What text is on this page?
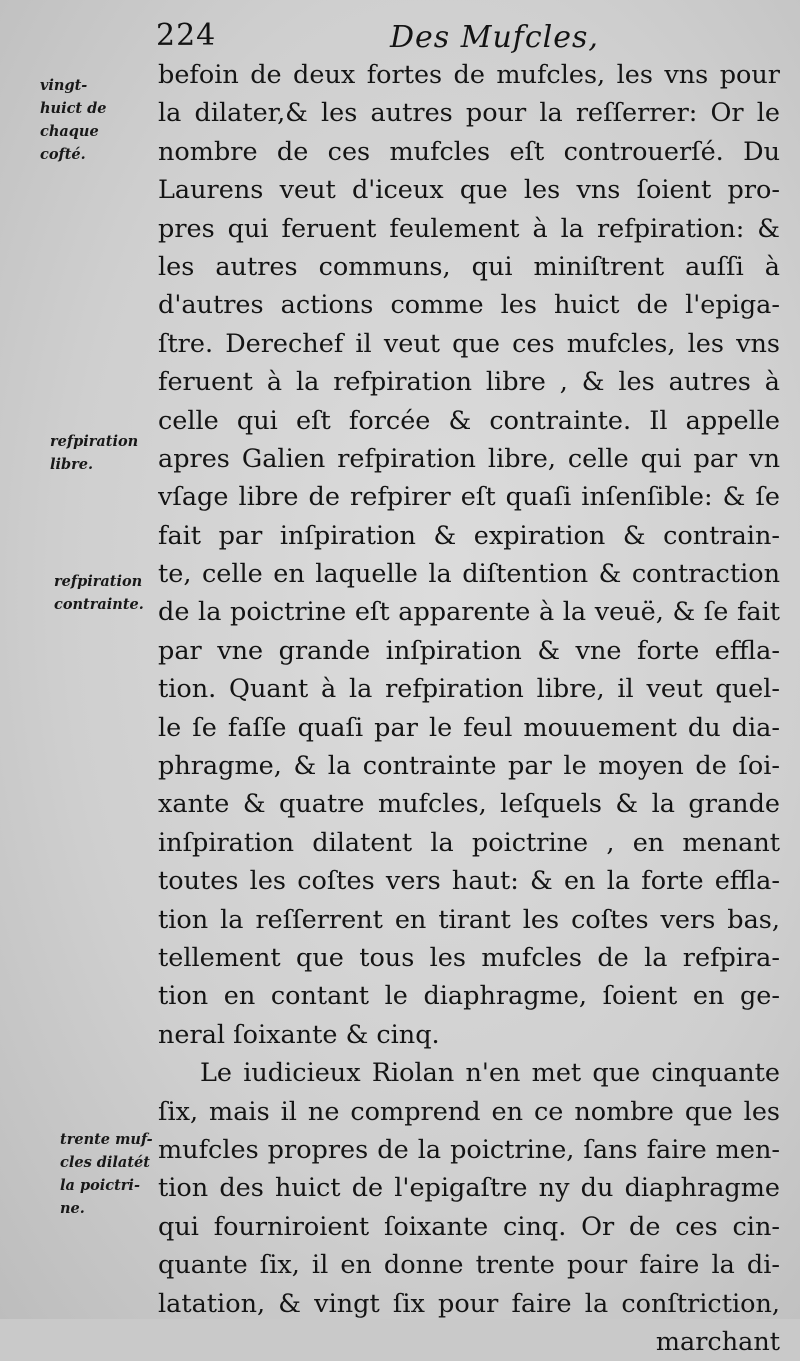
224	Des Mufcles,
vingt-
huict de
chaque
cofté.
refpiration
libre.
refpiration
contrainte.
trente muf-
cles dilatét
la poictri-
ne.
befoin de deux fortes de mufcles, les vns pour
la dilater,& les autres pour la reſſerrer: Or le
nombre de ces mufcles eſt controuerſé. Du
Laurens veut d'iceux que les vns ſoient pro-
pres qui feruent feulement à la refpiration: &
les autres communs, qui miniſtrent auſſi à
d'autres actions comme les huict de l'epiga-
ſtre. Derechef il veut que ces mufcles, les vns
feruent à la refpiration libre , & les autres à
celle qui eſt forcée & contrainte. Il appelle
apres Galien refpiration libre, celle qui par vn
vſage libre de refpirer eſt quaſi inſenſible: & ſe
fait par inſpiration & expiration & contrain-
te, celle en laquelle la diſtention & contraction
de la poictrine eſt apparente à la veuë, & ſe fait
par vne grande inſpiration & vne forte effla-
tion. Quant à la refpiration libre, il veut quel-
le ſe faſſe quaſi par le feul mouuement du dia-
phragme, & la contrainte par le moyen de ſoi-
xante & quatre mufcles, leſquels & la grande
inſpiration dilatent la poictrine , en menant
toutes les coſtes vers haut: & en la forte effla-
tion la reſſerrent en tirant les coſtes vers bas,
tellement que tous les mufcles de la refpira-
tion en contant le diaphragme, ſoient en ge-
neral ſoixante & cinq.
Le iudicieux Riolan n'en met que cinquante
ſix, mais il ne comprend en ce nombre que les
mufcles propres de la poictrine, ſans faire men-
tion des huict de l'epigaſtre ny du diaphragme
qui fourniroient ſoixante cinq. Or de ces cin-
quante ſix, il en donne trente pour faire la di-
latation, & vingt ſix pour faire la conſtriction,
marchant
